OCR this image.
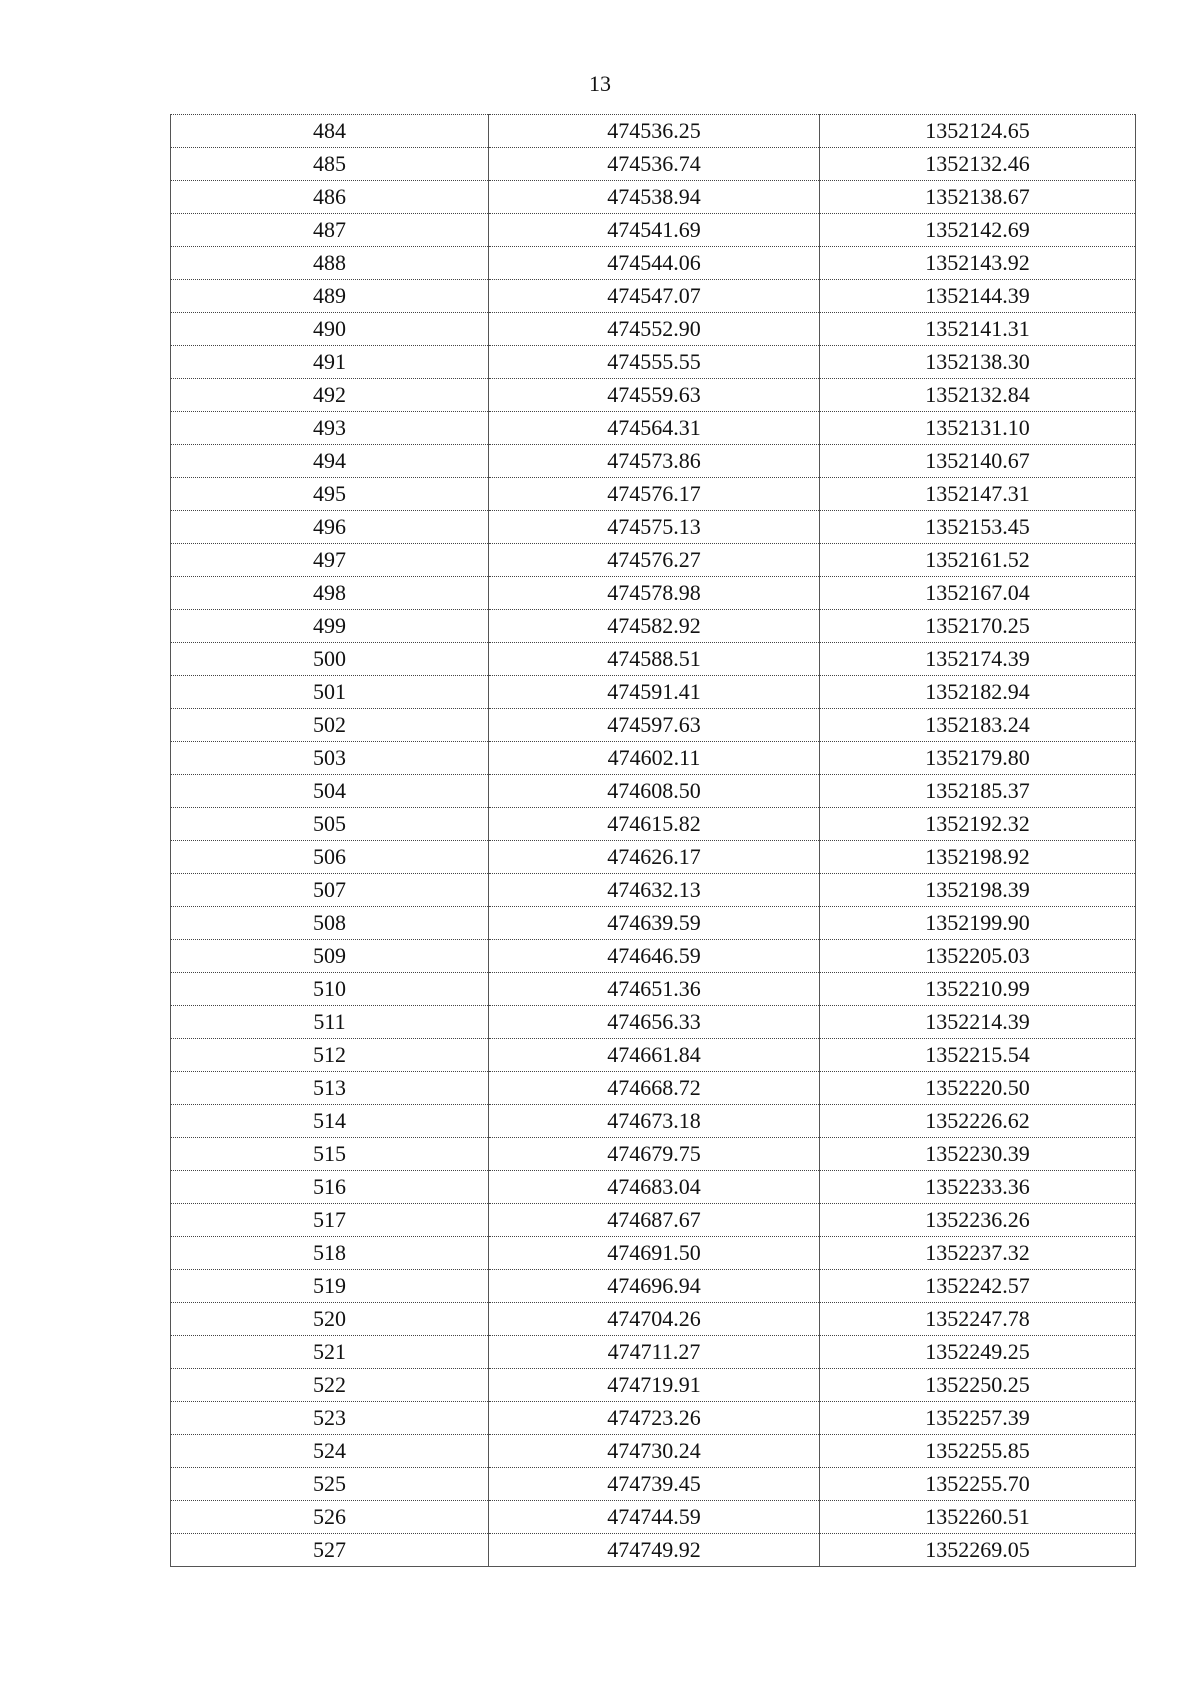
13
484	474536.25	1352124.65
485	474536.74	1352132.46
486	474538.94	1352138.67
487	474541.69	1352142.69
488	474544.06	1352143.92
489	474547.07	1352144.39
490	474552.90	1352141.31
491	474555.55	1352138.30
492	474559.63	1352132.84
493	474564.31	1352131.10
494	474573.86	1352140.67
495	474576.17	1352147.31
496	474575.13	1352153.45
497	474576.27	1352161.52
498	474578.98	1352167.04
499	474582.92	1352170.25
500	474588.51	1352174.39
501	474591.41	1352182.94
502	474597.63	1352183.24
503	474602.11	1352179.80
504	474608.50	1352185.37
505	474615.82	1352192.32
506	474626.17	1352198.92
507	474632.13	1352198.39
508	474639.59	1352199.90
509	474646.59	1352205.03
510	474651.36	1352210.99
511	474656.33	1352214.39
512	474661.84	1352215.54
513	474668.72	1352220.50
514	474673.18	1352226.62
515	474679.75	1352230.39
516	474683.04	1352233.36
517	474687.67	1352236.26
518	474691.50	1352237.32
519	474696.94	1352242.57
520	474704.26	1352247.78
521	474711.27	1352249.25
522	474719.91	1352250.25
523	474723.26	1352257.39
524	474730.24	1352255.85
525	474739.45	1352255.70
526	474744.59	1352260.51
527	474749.92	1352269.05
